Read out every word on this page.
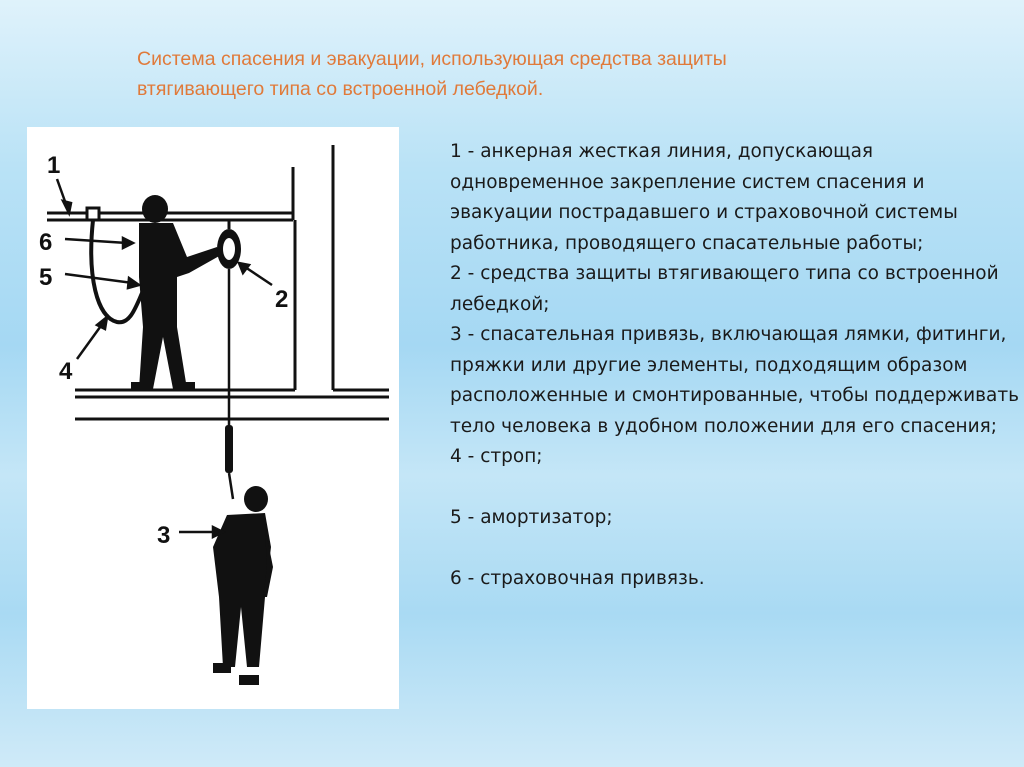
Система спасения и эвакуации, использующая средства защиты втягивающего типа со встроенной лебедкой.
1
6
5
4
2
3

1 - анкерная жесткая линия, допускающая одновременное закрепление систем спасения и эвакуации пострадавшего и страховочной системы работника, проводящего спасательные работы;

2 - средства защиты втягивающего типа со встроенной лебедкой;

3 - спасательная привязь, включающая лямки, фитинги, пряжки или другие элементы, подходящим образом расположенные и смонтированные, чтобы поддерживать тело человека в удобном положении для его спасения;

4 - строп;

5 - амортизатор;

6 - страховочная привязь.
